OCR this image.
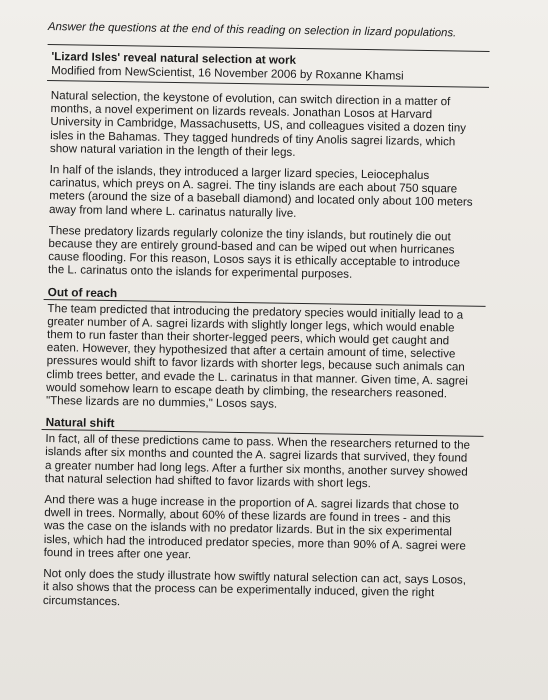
Answer the questions at the end of this reading on selection in lizard populations.

'Lizard Isles' reveal natural selection at work
Modified from NewScientist, 16 November 2006 by Roxanne Khamsi

Natural selection, the keystone of evolution, can switch direction in a matter of months, a novel experiment on lizards reveals. Jonathan Losos at Harvard University in Cambridge, Massachusetts, US, and colleagues visited a dozen tiny isles in the Bahamas. They tagged hundreds of tiny Anolis sagrei lizards, which show natural variation in the length of their legs.

In half of the islands, they introduced a larger lizard species, Leiocephalus carinatus, which preys on A. sagrei. The tiny islands are each about 750 square meters (around the size of a baseball diamond) and located only about 100 meters away from land where L. carinatus naturally live.

These predatory lizards regularly colonize the tiny islands, but routinely die out because they are entirely ground-based and can be wiped out when hurricanes cause flooding. For this reason, Losos says it is ethically acceptable to introduce the L. carinatus onto the islands for experimental purposes.

Out of reach

The team predicted that introducing the predatory species would initially lead to a greater number of A. sagrei lizards with slightly longer legs, which would enable them to run faster than their shorter-legged peers, which would get caught and eaten. However, they hypothesized that after a certain amount of time, selective pressures would shift to favor lizards with shorter legs, because such animals can climb trees better, and evade the L. carinatus in that manner. Given time, A. sagrei would somehow learn to escape death by climbing, the researchers reasoned. "These lizards are no dummies," Losos says.

Natural shift

In fact, all of these predictions came to pass. When the researchers returned to the islands after six months and counted the A. sagrei lizards that survived, they found a greater number had long legs. After a further six months, another survey showed that natural selection had shifted to favor lizards with short legs.

And there was a huge increase in the proportion of A. sagrei lizards that chose to dwell in trees. Normally, about 60% of these lizards are found in trees - and this was the case on the islands with no predator lizards. But in the six experimental isles, which had the introduced predator species, more than 90% of A. sagrei were found in trees after one year.

Not only does the study illustrate how swiftly natural selection can act, says Losos, it also shows that the process can be experimentally induced, given the right circumstances.
